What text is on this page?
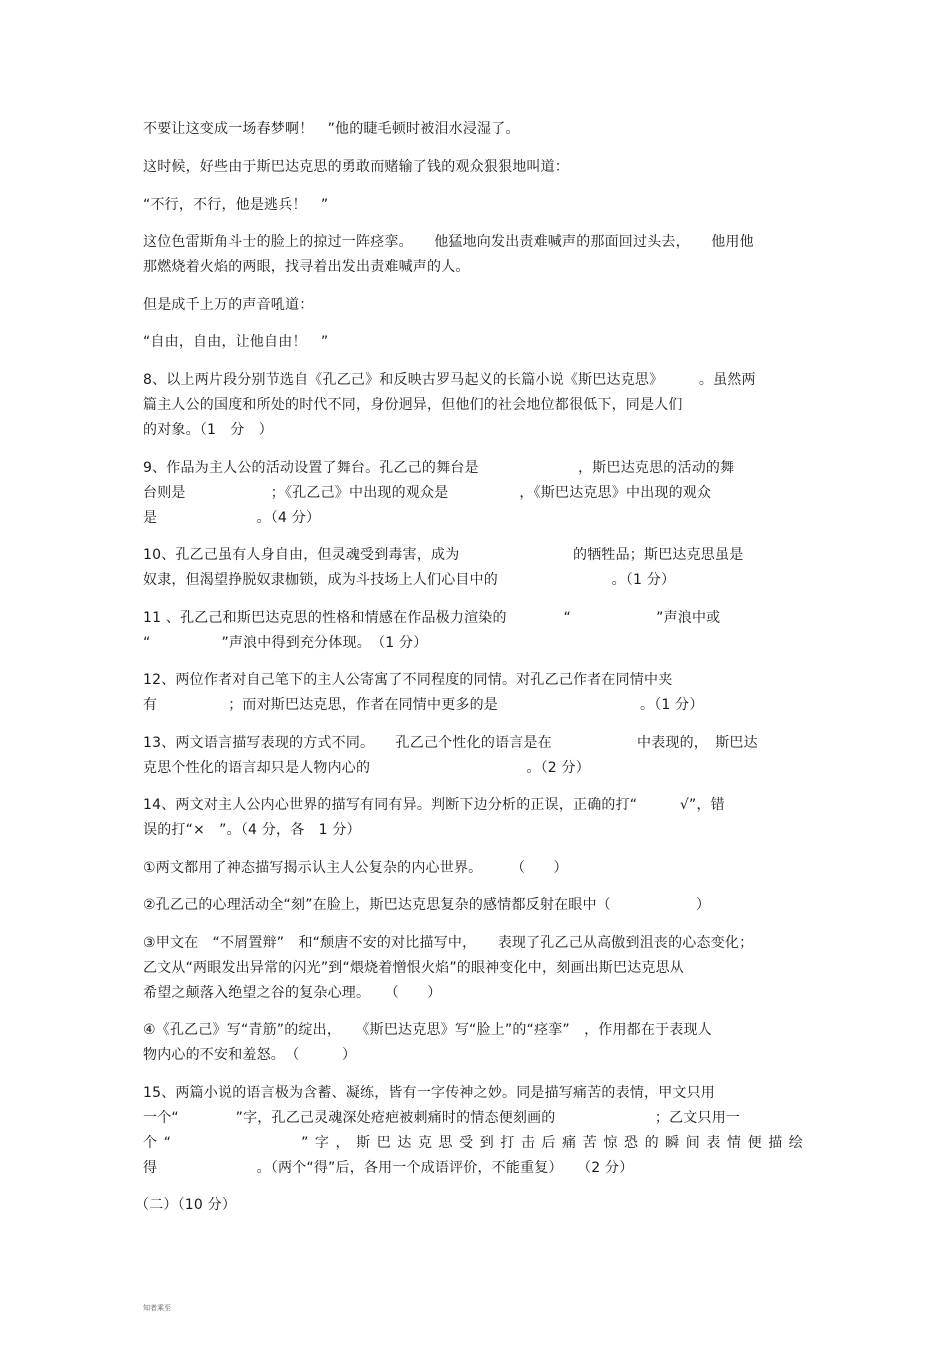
不要让这变成一场春梦啊！　”他的睫毛顿时被泪水浸湿了。
这时候，好些由于斯巴达克思的勇敢而赌输了钱的观众狠狠地叫道：
“不行，不行，他是逃兵！　”
这位色雷斯角斗士的脸上的掠过一阵痉挛。　　他猛地向发出责难喊声的那面回过头去，　　他用他
那燃烧着火焰的两眼，找寻着出发出责难喊声的人。
但是成千上万的声音吼道：
“自由，自由，让他自由！　”
8、以上两片段分别节选自《孔乙己》和反映古罗马起义的长篇小说《斯巴达克思》　　　。虽然两
篇主人公的国度和所处的时代不同，身份迥异，但他们的社会地位都很低下，同是人们
的对象。（1　分　）
9、作品为主人公的活动设置了舞台。孔乙己的舞台是　　　　　　　，斯巴达克思的活动的舞
台则是　　　　　　；《孔乙己》中出现的观众是　　　　　，《斯巴达克思》中出现的观众
是　　　　　　　。（4 分）
10、孔乙己虽有人身自由，但灵魂受到毒害，成为　　　　　　　　的牺牲品；斯巴达克思虽是
奴隶，但渴望挣脱奴隶枷锁，成为斗技场上人们心目中的　　　　　　　　。（1 分）
11 、孔乙己和斯巴达克思的性格和情感在作品极力渲染的　　　　“　　　　　　”声浪中或
“　　　　　”声浪中得到充分体现。　（1 分）
12、两位作者对自己笔下的主人公寄寓了不同程度的同情。对孔乙己作者在同情中夹
有　　　　　；而对斯巴达克思，作者在同情中更多的是　　　　　　　　　　。（1 分）
13、两文语言描写表现的方式不同。　　孔乙己个性化的语言是在　　　　　　中表现的，　斯巴达
克思个性化的语言却只是人物内心的　　　　　　　　　　　。（2 分）
14、两文对主人公内心世界的描写有同有异。判断下边分析的正误，正确的打“　　　√”，错
误的打“×　”。（4 分，各　1 分）
①两文都用了神态描写揭示认主人公复杂的内心世界。　　　（　　）
②孔乙己的心理活动全“刻”在脸上，斯巴达克思复杂的感情都反射在眼中（　　　　　　）
③甲文在　“不屑置辩”　和“颓唐不安的对比描写中，　　表现了孔乙己从高傲到沮丧的心态变化；
乙文从“两眼发出异常的闪光”到“煨烧着憎恨火焰”的眼神变化中，刻画出斯巴达克思从
希望之颠落入绝望之谷的复杂心理。　　（　　）
④《孔乙己》写“青筋”的绽出，　　《斯巴达克思》写“脸上”的“痉挛”　，作用都在于表现人
物内心的不安和羞怒。　（　　　）
15、两篇小说的语言极为含蓄、凝练，皆有一字传神之妙。同是描写痛苦的表情，甲文只用
一个“　　　　”字，孔乙己灵魂深处疮疤被刺痛时的情态便刻画的　　　　　　　；乙文只用一
个“　　　　　　”字，斯巴达克思受到打击后痛苦惊恐的瞬间表情便描绘
得　　　　　　　。（两个“得”后，各用一个成语评价，不能重复）　　（2 分）
（二）（10 分）
知者乘至
